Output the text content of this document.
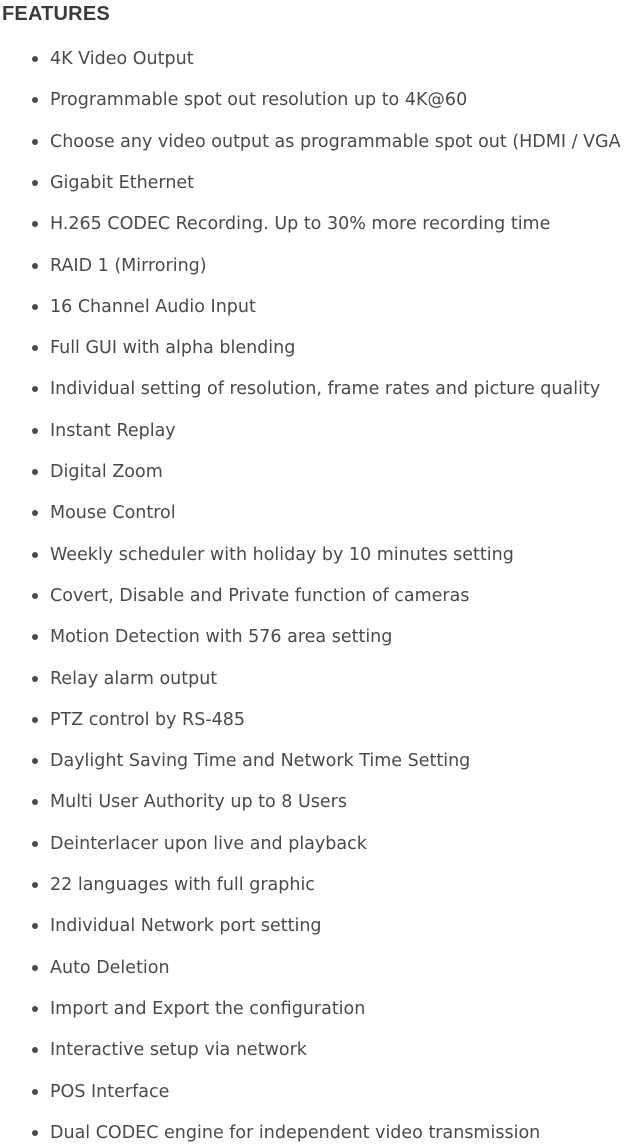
FEATURES
4K Video Output
Programmable spot out resolution up to 4K@60
Choose any video output as programmable spot out (HDMI / VGA
Gigabit Ethernet
H.265 CODEC Recording. Up to 30% more recording time
RAID 1 (Mirroring)
16 Channel Audio Input
Full GUI with alpha blending
Individual setting of resolution, frame rates and picture quality
Instant Replay
Digital Zoom
Mouse Control
Weekly scheduler with holiday by 10 minutes setting
Covert, Disable and Private function of cameras
Motion Detection with 576 area setting
Relay alarm output
PTZ control by RS-485
Daylight Saving Time and Network Time Setting
Multi User Authority up to 8 Users
Deinterlacer upon live and playback
22 languages with full graphic
Individual Network port setting
Auto Deletion
Import and Export the configuration
Interactive setup via network
POS Interface
Dual CODEC engine for independent video transmission
